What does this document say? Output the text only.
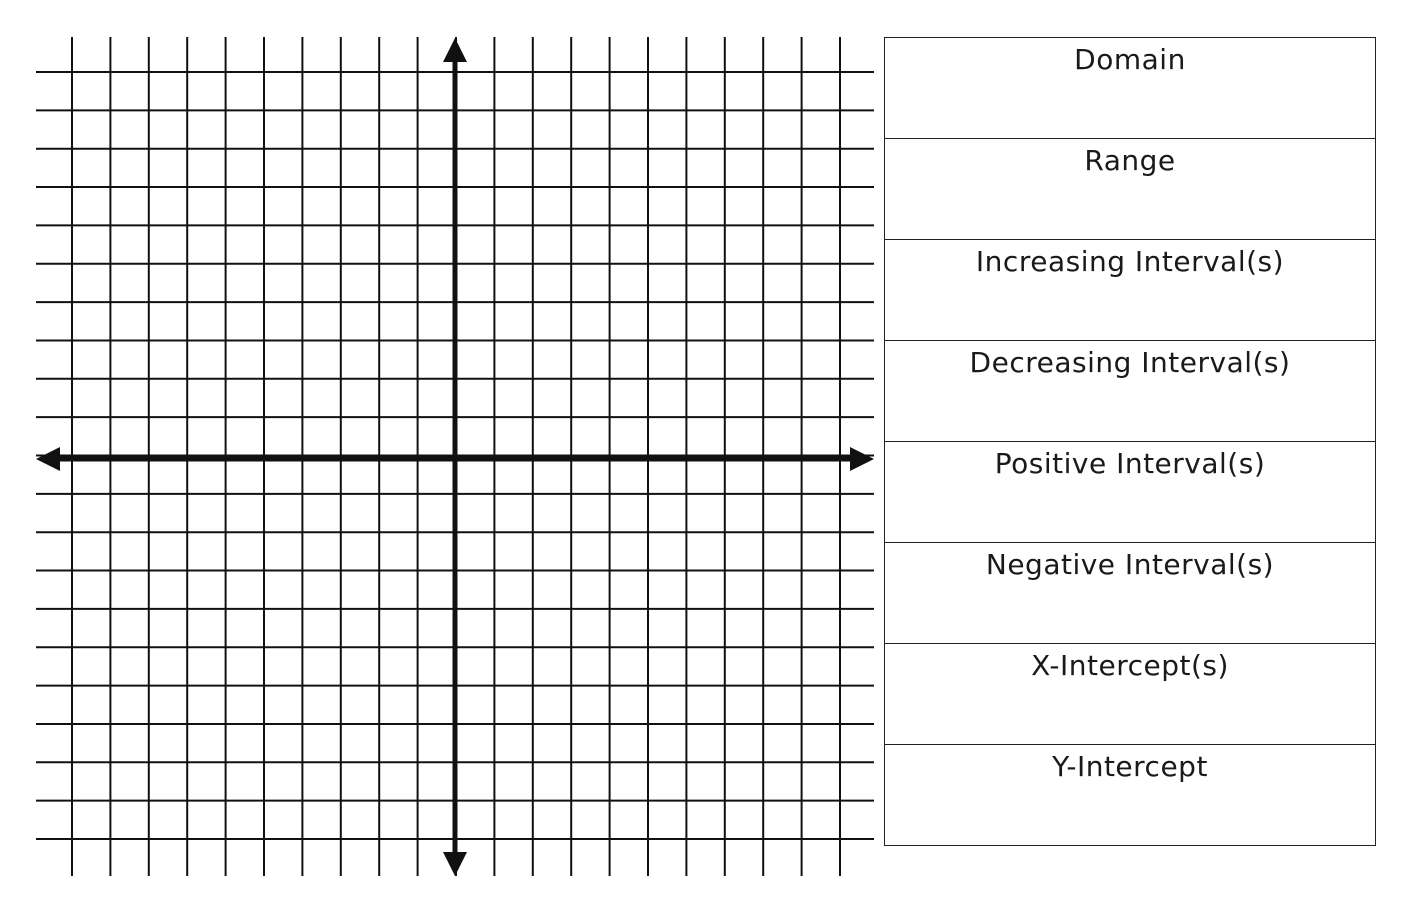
Domain

Range

Increasing Interval(s)

Decreasing Interval(s)

Positive Interval(s)

Negative Interval(s)

X-Intercept(s)

Y-Intercept
